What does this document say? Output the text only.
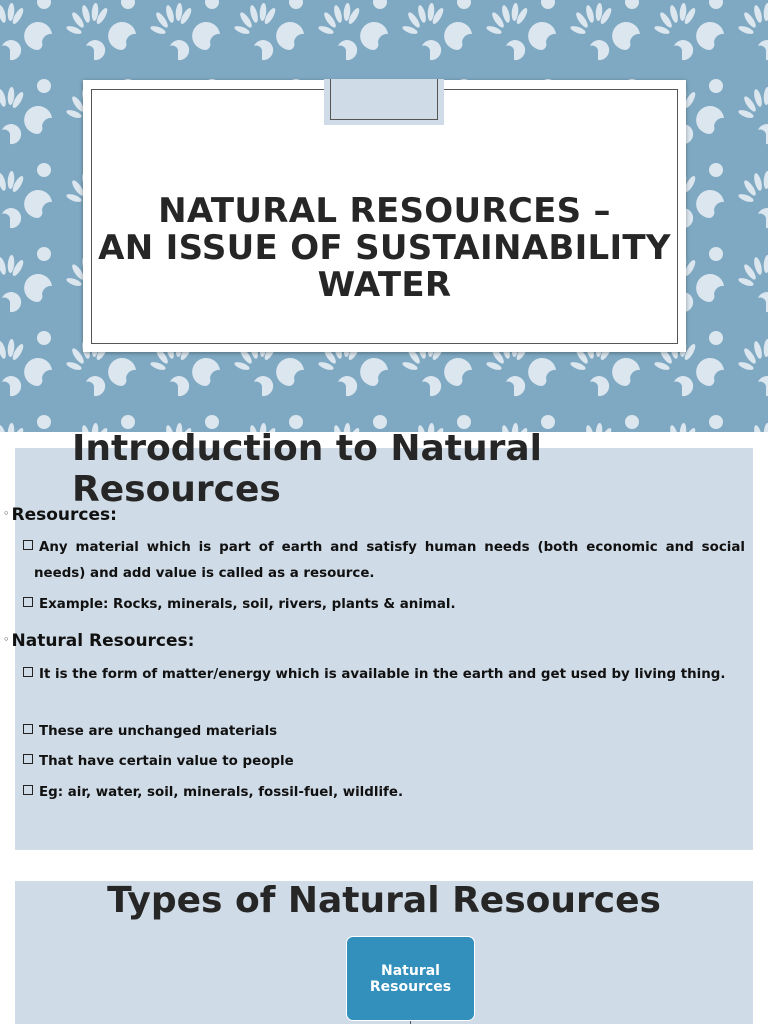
NATURAL RESOURCES –
AN ISSUE OF SUSTAINABILITY
WATER
Introduction to Natural
Resources
◦ Resources:
Any material which is part of earth and satisfy human needs (both economic and social needs) and add value is called as a resource.
Example: Rocks, minerals, soil, rivers, plants & animal.
◦ Natural Resources:
It is the form of matter/energy which is available in the earth and get used by living thing.
These are unchanged materials
That have certain value to people
Eg: air, water, soil, minerals, fossil-fuel, wildlife.
Types of Natural Resources
Natural Resources
